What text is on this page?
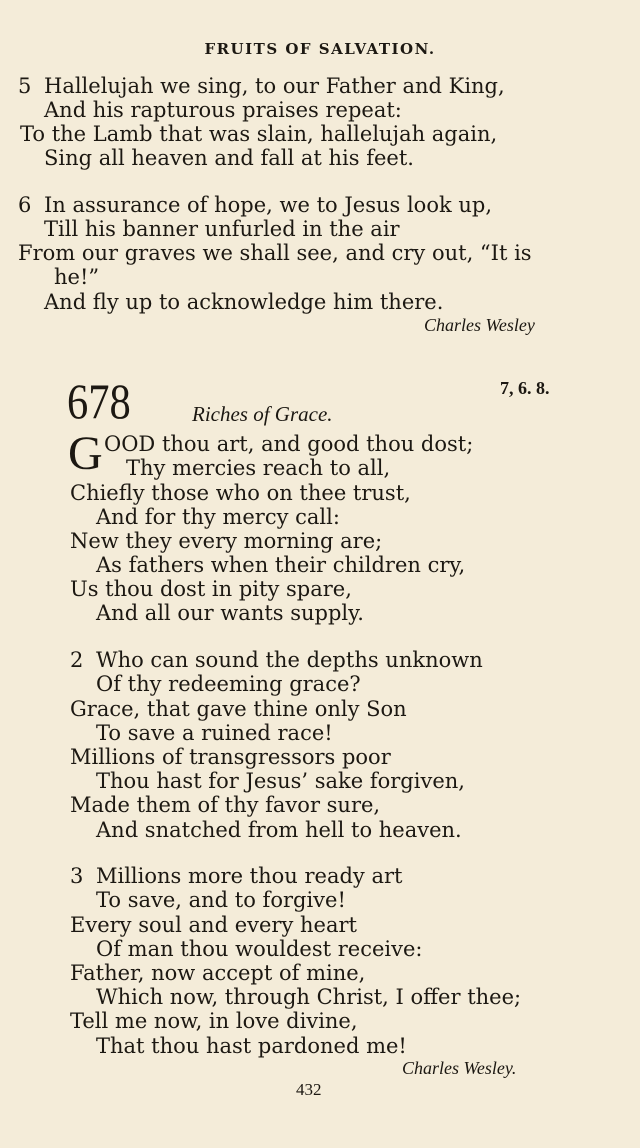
FRUITS OF SALVATION.
5 Hallelujah we sing, to our Father and King,
And his rapturous praises repeat:
To the Lamb that was slain, hallelujah again,
Sing all heaven and fall at his feet.
6 In assurance of hope, we to Jesus look up,
Till his banner unfurled in the air
From our graves we shall see, and cry out, “It is
he!”
And fly up to acknowledge him there.
Charles Wesley
678	7, 6. 8.
Riches of Grace.
G OOD thou art, and good thou dost;
Thy mercies reach to all,
Chiefly those who on thee trust,
And for thy mercy call:
New they every morning are;
As fathers when their children cry,
Us thou dost in pity spare,
And all our wants supply.
2 Who can sound the depths unknown
Of thy redeeming grace?
Grace, that gave thine only Son
To save a ruined race!
Millions of transgressors poor
Thou hast for Jesus’ sake forgiven,
Made them of thy favor sure,
And snatched from hell to heaven.
3 Millions more thou ready art
To save, and to forgive!
Every soul and every heart
Of man thou wouldest receive:
Father, now accept of mine,
Which now, through Christ, I offer thee;
Tell me now, in love divine,
That thou hast pardoned me!
Charles Wesley.
432
